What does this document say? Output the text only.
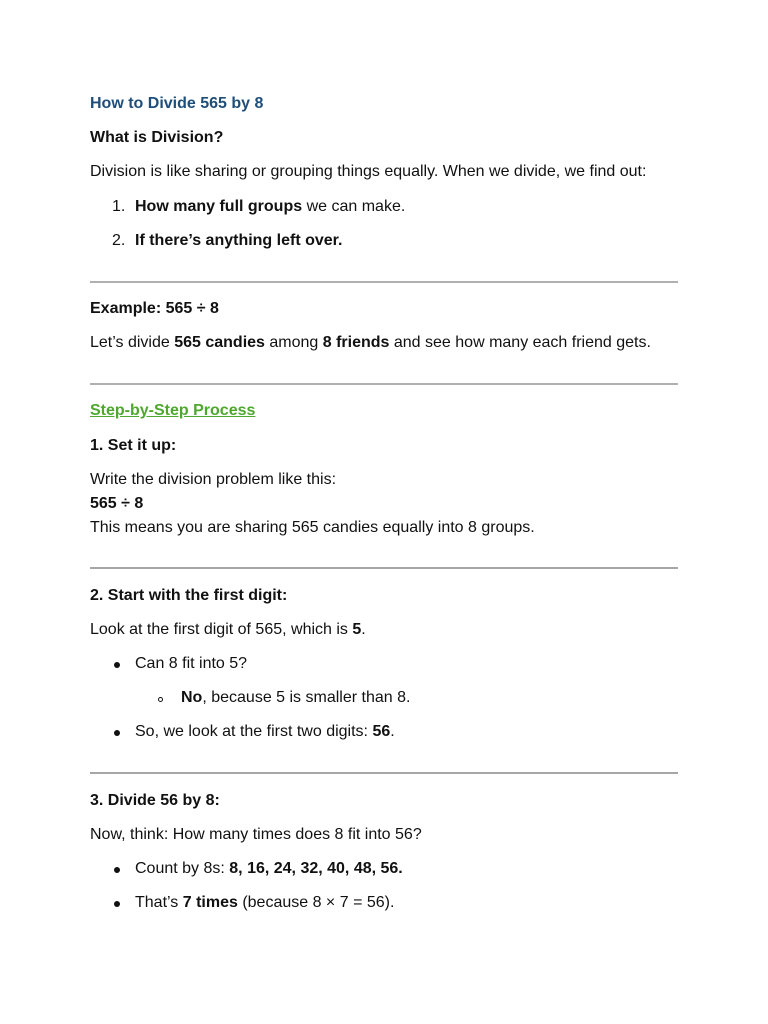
How to Divide 565 by 8
What is Division?
Division is like sharing or grouping things equally. When we divide, we find out:
1. How many full groups we can make.
2. If there’s anything left over.
Example: 565 ÷ 8
Let’s divide 565 candies among 8 friends and see how many each friend gets.
Step-by-Step Process
1. Set it up:
Write the division problem like this:
565 ÷ 8
This means you are sharing 565 candies equally into 8 groups.
2. Start with the first digit:
Look at the first digit of 565, which is 5.
Can 8 fit into 5?
No, because 5 is smaller than 8.
So, we look at the first two digits: 56.
3. Divide 56 by 8:
Now, think: How many times does 8 fit into 56?
Count by 8s: 8, 16, 24, 32, 40, 48, 56.
That’s 7 times (because 8 × 7 = 56).
